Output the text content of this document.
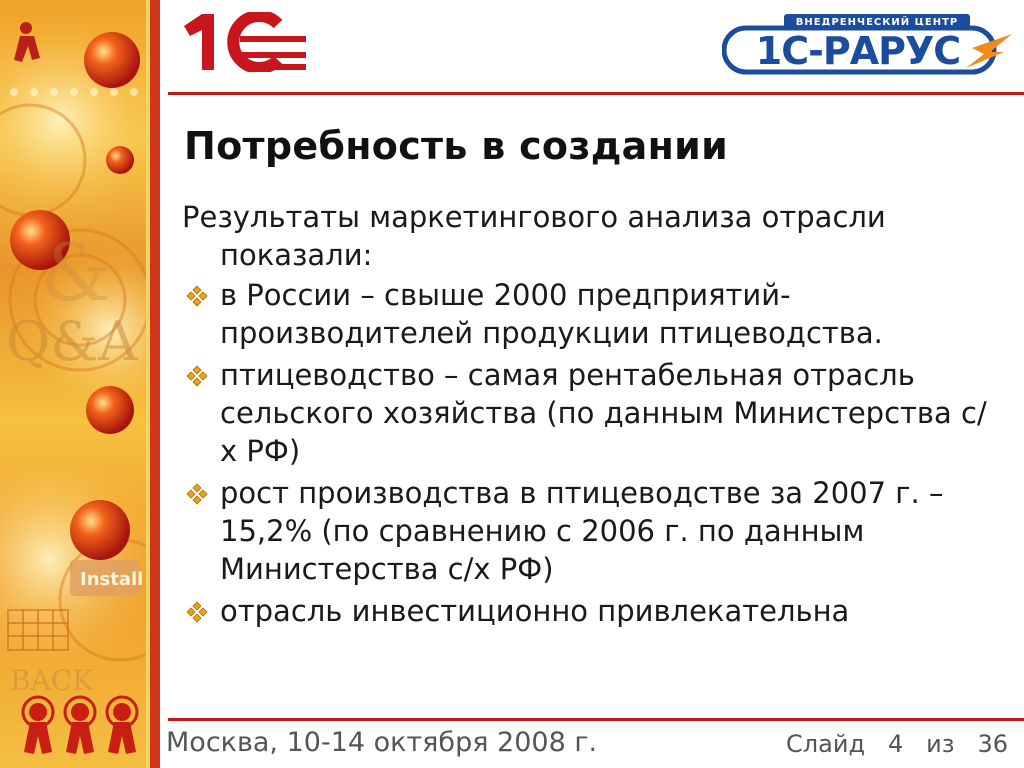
Q&A
&
Install
BACK
ВНЕДРЕНЧЕСКИЙ ЦЕНТР
1С-РАРУС
Потребность в создании

Результаты маркетингового анализа отрасли показали:

в России – свыше 2000 предприятий-производителей продукции птицеводства.
птицеводство – самая рентабельная отрасль сельского хозяйства (по данным Министерства с/х РФ)
рост производства в птицеводстве за 2007 г. – 15,2% (по сравнению с 2006 г. по данным Министерства с/х РФ)
отрасль инвестиционно привлекательна
Москва, 10-14 октября 2008 г.	Слайд 4 из 36
